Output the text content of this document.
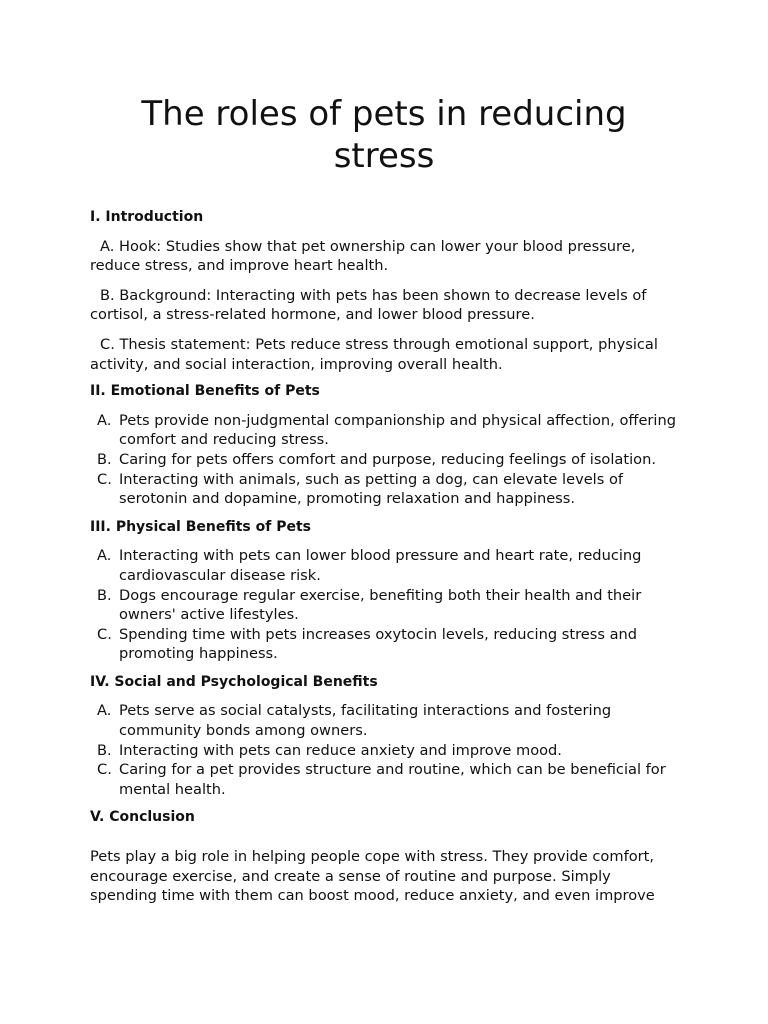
The roles of pets in reducing stress
I. Introduction

A. Hook: Studies show that pet ownership can lower your blood pressure, reduce stress, and improve heart health.

B. Background: Interacting with pets has been shown to decrease levels of cortisol, a stress-related hormone, and lower blood pressure.

C. Thesis statement: Pets reduce stress through emotional support, physical activity, and social interaction, improving overall health.

II. Emotional Benefits of Pets
A. Pets provide non-judgmental companionship and physical affection, offering comfort and reducing stress.
B. Caring for pets offers comfort and purpose, reducing feelings of isolation.
C. Interacting with animals, such as petting a dog, can elevate levels of serotonin and dopamine, promoting relaxation and happiness.
III. Physical Benefits of Pets
A. Interacting with pets can lower blood pressure and heart rate, reducing cardiovascular disease risk.
B. Dogs encourage regular exercise, benefiting both their health and their owners' active lifestyles.
C. Spending time with pets increases oxytocin levels, reducing stress and promoting happiness.
IV. Social and Psychological Benefits
A. Pets serve as social catalysts, facilitating interactions and fostering community bonds among owners.
B. Interacting with pets can reduce anxiety and improve mood.
C. Caring for a pet provides structure and routine, which can be beneficial for mental health.
V. Conclusion

Pets play a big role in helping people cope with stress. They provide comfort, encourage exercise, and create a sense of routine and purpose. Simply spending time with them can boost mood, reduce anxiety, and even improve
